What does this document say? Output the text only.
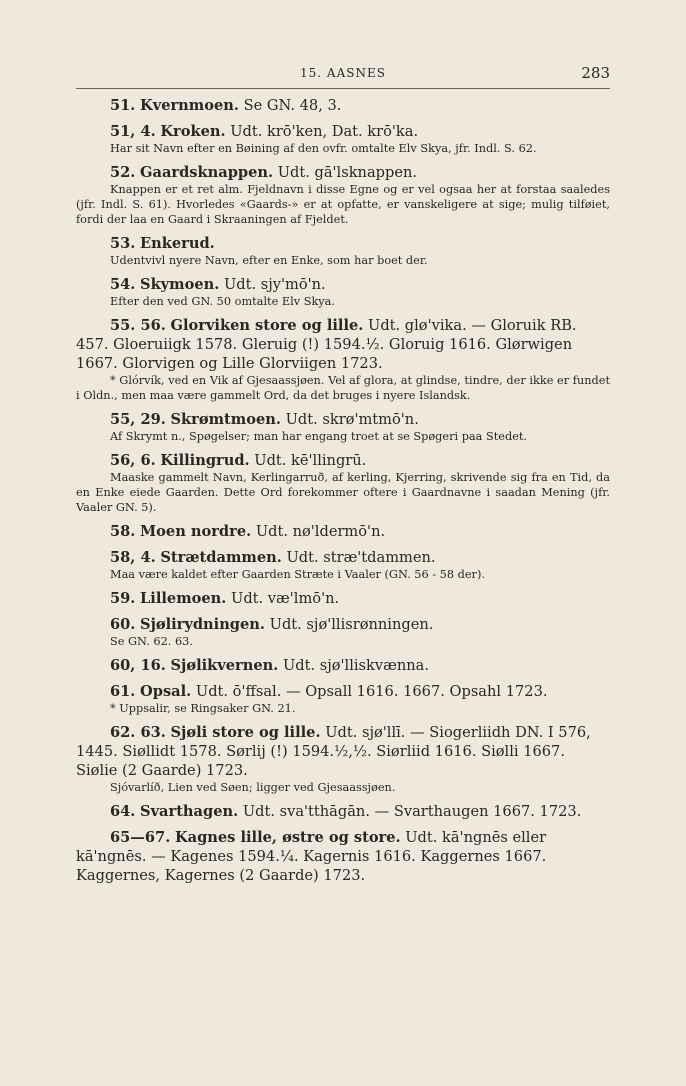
15. AASNES	283

51. Kvernmoen. Se GN. 48, 3.

51, 4. Kroken. Udt. krō'ken, Dat. krō'ka.

Har sit Navn efter en Bøining af den ovfr. omtalte Elv Skya, jfr. Indl. S. 62.

52. Gaardsknappen. Udt. gā'lsknappen.

Knappen er et ret alm. Fjeldnavn i disse Egne og er vel ogsaa her at forstaa saaledes (jfr. Indl. S. 61). Hvorledes «Gaards-» er at opfatte, er vanskeligere at sige; mulig tilføiet, fordi der laa en Gaard i Skraaningen af Fjeldet.

53. Enkerud.

Udentvivl nyere Navn, efter en Enke, som har boet der.

54. Skymoen. Udt. sjy'mō'n.

Efter den ved GN. 50 omtalte Elv Skya.

55. 56. Glorviken store og lille. Udt. glø'vika. — Gloruik RB. 457. Gloeruiigk 1578. Gleruig (!) 1594.½. Gloruig 1616. Glørwigen 1667. Glorvigen og Lille Glorviigen 1723.

* Glórvík, ved en Vik af Gjesaassjøen. Vel af glora, at glindse, tindre, der ikke er fundet i Oldn., men maa være gammelt Ord, da det bruges i nyere Islandsk.

55, 29. Skrømtmoen. Udt. skrø'mtmō'n.

Af Skrymt n., Spøgelser; man har engang troet at se Spøgeri paa Stedet.

56, 6. Killingrud. Udt. kē'llingrū.

Maaske gammelt Navn, Kerlingarruð, af kerling, Kjerring, skrivende sig fra en Tid, da en Enke eiede Gaarden. Dette Ord forekommer oftere i Gaardnavne i saadan Mening (jfr. Vaaler GN. 5).

58. Moen nordre. Udt. nø'ldermō'n.

58, 4. Strætdammen. Udt. stræ'tdammen.

Maa være kaldet efter Gaarden Stræte i Vaaler (GN. 56 - 58 der).

59. Lillemoen. Udt. væ'lmō'n.

60. Sjølirydningen. Udt. sjø'llisrønningen.

Se GN. 62. 63.

60, 16. Sjølikvernen. Udt. sjø'lliskvænna.

61. Opsal. Udt. ō'ffsal. — Opsall 1616. 1667. Opsahl 1723.

* Uppsalir, se Ringsaker GN. 21.

62. 63. Sjøli store og lille. Udt. sjø'llī. — Siogerliidh DN. I 576, 1445. Siøllidt 1578. Sørlij (!) 1594.½,½. Siørliid 1616. Siølli 1667. Siølie (2 Gaarde) 1723.

Sjóvarlíð, Lien ved Søen; ligger ved Gjesaassjøen.

64. Svarthagen. Udt. sva'tthāgān. — Svarthaugen 1667. 1723.

65—67. Kagnes lille, østre og store. Udt. kā'ngnēs eller kā'ngnēs. — Kagenes 1594.¼. Kagernis 1616. Kaggernes 1667. Kaggernes, Kagernes (2 Gaarde) 1723.
